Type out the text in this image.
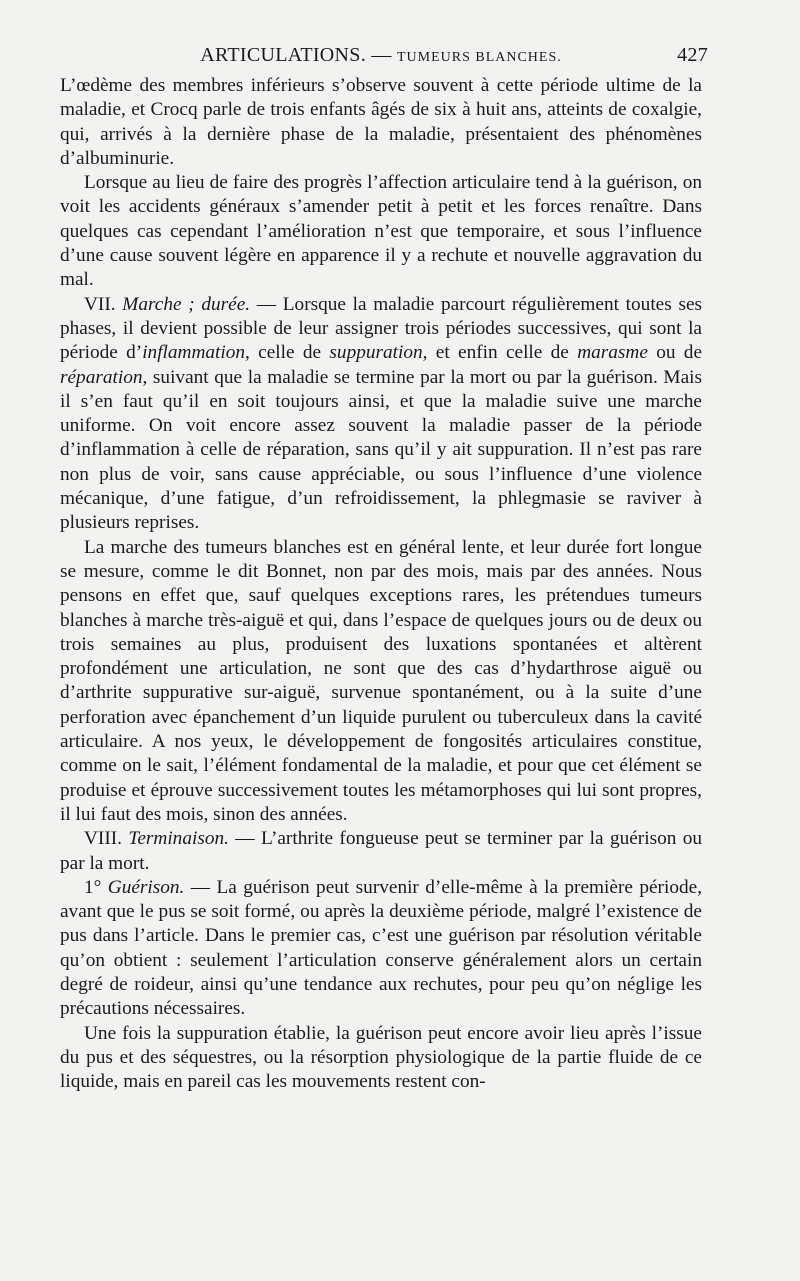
ARTICULATIONS. — TUMEURS BLANCHES.	427

L’œdème des membres inférieurs s’observe souvent à cette période ultime de la maladie, et Crocq parle de trois enfants âgés de six à huit ans, atteints de coxalgie, qui, arrivés à la dernière phase de la maladie, présentaient des phénomènes d’albuminurie.

Lorsque au lieu de faire des progrès l’affection articulaire tend à la guérison, on voit les accidents généraux s’amender petit à petit et les forces renaître. Dans quelques cas cependant l’amélioration n’est que temporaire, et sous l’influence d’une cause souvent légère en apparence il y a rechute et nouvelle aggravation du mal.

VII. Marche ; durée. — Lorsque la maladie parcourt régulièrement toutes ses phases, il devient possible de leur assigner trois périodes successives, qui sont la période d’inflammation, celle de suppuration, et enfin celle de marasme ou de réparation, suivant que la maladie se termine par la mort ou par la guérison. Mais il s’en faut qu’il en soit toujours ainsi, et que la maladie suive une marche uniforme. On voit encore assez souvent la maladie passer de la période d’inflammation à celle de réparation, sans qu’il y ait suppuration. Il n’est pas rare non plus de voir, sans cause appréciable, ou sous l’influence d’une violence mécanique, d’une fatigue, d’un refroidissement, la phlegmasie se raviver à plusieurs reprises.

La marche des tumeurs blanches est en général lente, et leur durée fort longue se mesure, comme le dit Bonnet, non par des mois, mais par des années. Nous pensons en effet que, sauf quelques exceptions rares, les prétendues tumeurs blanches à marche très-aiguë et qui, dans l’espace de quelques jours ou de deux ou trois semaines au plus, produisent des luxations spontanées et altèrent profondément une articulation, ne sont que des cas d’hydarthrose aiguë ou d’arthrite suppurative sur-aiguë, survenue spontanément, ou à la suite d’une perforation avec épanchement d’un liquide purulent ou tuberculeux dans la cavité articulaire. A nos yeux, le développement de fongosités articulaires constitue, comme on le sait, l’élément fondamental de la maladie, et pour que cet élément se produise et éprouve successivement toutes les métamorphoses qui lui sont propres, il lui faut des mois, sinon des années.

VIII. Terminaison. — L’arthrite fongueuse peut se terminer par la guérison ou par la mort.

1° Guérison. — La guérison peut survenir d’elle-même à la première période, avant que le pus se soit formé, ou après la deuxième période, malgré l’existence de pus dans l’article. Dans le premier cas, c’est une guérison par résolution véritable qu’on obtient : seulement l’articulation conserve généralement alors un certain degré de roideur, ainsi qu’une tendance aux rechutes, pour peu qu’on néglige les précautions nécessaires.

Une fois la suppuration établie, la guérison peut encore avoir lieu après l’issue du pus et des séquestres, ou la résorption physiologique de la partie fluide de ce liquide, mais en pareil cas les mouvements restent con-
